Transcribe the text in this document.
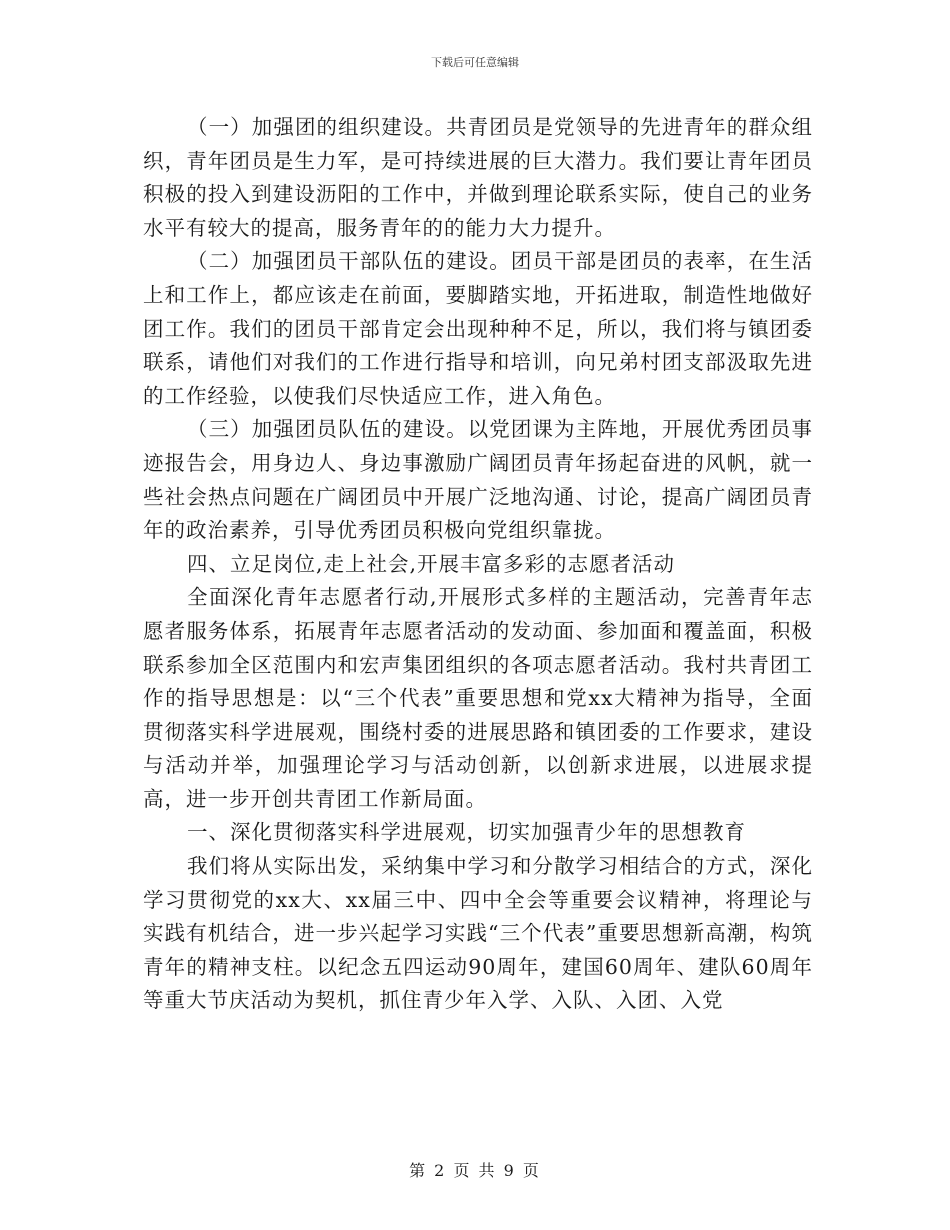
下载后可任意编辑

（一）加强团的组织建设。共青团员是党领导的先进青年的群众组织，青年团员是生力军，是可持续进展的巨大潜力。我们要让青年团员积极的投入到建设沥阳的工作中，并做到理论联系实际，使自己的业务水平有较大的提高，服务青年的的能力大力提升。

（二）加强团员干部队伍的建设。团员干部是团员的表率，在生活上和工作上，都应该走在前面，要脚踏实地，开拓进取，制造性地做好团工作。我们的团员干部肯定会出现种种不足，所以，我们将与镇团委联系，请他们对我们的工作进行指导和培训，向兄弟村团支部汲取先进的工作经验，以使我们尽快适应工作，进入角色。

（三）加强团员队伍的建设。以党团课为主阵地，开展优秀团员事迹报告会，用身边人、身边事激励广阔团员青年扬起奋进的风帆，就一些社会热点问题在广阔团员中开展广泛地沟通、讨论，提高广阔团员青年的政治素养，引导优秀团员积极向党组织靠拢。

四、立足岗位,走上社会,开展丰富多彩的志愿者活动

全面深化青年志愿者行动,开展形式多样的主题活动，完善青年志愿者服务体系，拓展青年志愿者活动的发动面、参加面和覆盖面，积极联系参加全区范围内和宏声集团组织的各项志愿者活动。我村共青团工作的指导思想是：以“三个代表”重要思想和党xx大精神为指导，全面贯彻落实科学进展观，围绕村委的进展思路和镇团委的工作要求，建设与活动并举，加强理论学习与活动创新，以创新求进展，以进展求提高，进一步开创共青团工作新局面。

一、深化贯彻落实科学进展观，切实加强青少年的思想教育

我们将从实际出发，采纳集中学习和分散学习相结合的方式，深化学习贯彻党的xx大、xx届三中、四中全会等重要会议精神，将理论与实践有机结合，进一步兴起学习实践“三个代表”重要思想新高潮，构筑青年的精神支柱。以纪念五四运动90周年，建国60周年、建队60周年等重大节庆活动为契机，抓住青少年入学、入队、入团、入党

第 2 页 共 9 页
